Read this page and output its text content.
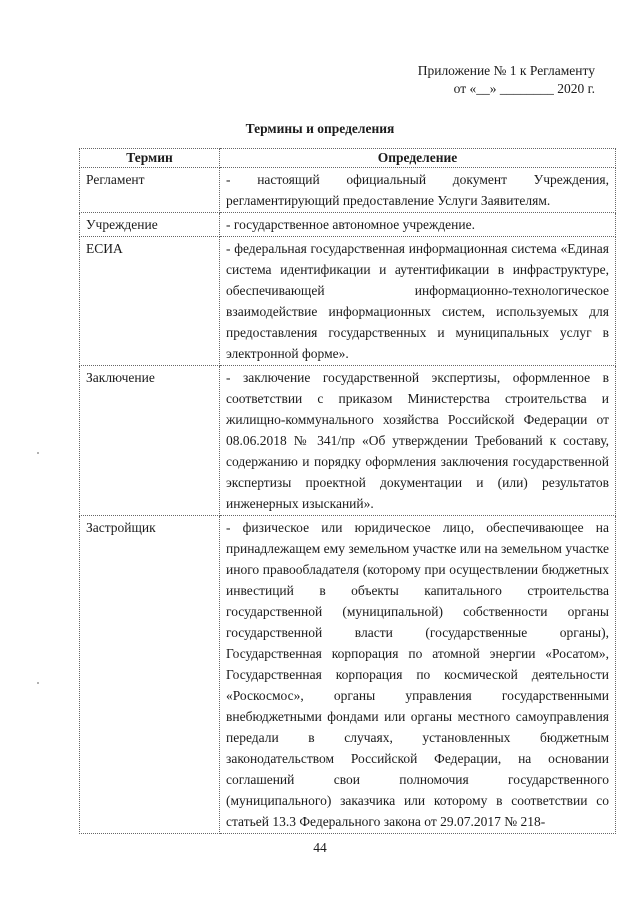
Приложение № 1 к Регламенту
от «__» ________ 2020 г.
Термины и определения
Термин	Определение
Регламент	- настоящий официальный документ Учреждения, регламентирующий предоставление Услуги Заявителям.
Учреждение	- государственное автономное учреждение.
ЕСИА	- федеральная государственная информационная система «Единая система идентификации и аутентификации в инфраструктуре, обеспечивающей информационно-технологическое взаимодействие информационных систем, используемых для предоставления государственных и муниципальных услуг в электронной форме».
Заключение	- заключение государственной экспертизы, оформленное в соответствии с приказом Министерства строительства и жилищно-коммунального хозяйства Российской Федерации от 08.06.2018 № 341/пр «Об утверждении Требований к составу, содержанию и порядку оформления заключения государственной экспертизы проектной документации и (или) результатов инженерных изысканий».
Застройщик	- физическое или юридическое лицо, обеспечивающее на принадлежащем ему земельном участке или на земельном участке иного правообладателя (которому при осуществлении бюджетных инвестиций в объекты капитального строительства государственной (муниципальной) собственности органы государственной власти (государственные органы), Государственная корпорация по атомной энергии «Росатом», Государственная корпорация по космической деятельности «Роскосмос», органы управления государственными внебюджетными фондами или органы местного самоуправления передали в случаях, установленных бюджетным законодательством Российской Федерации, на основании соглашений свои полномочия государственного (муниципального) заказчика или которому в соответствии со статьей 13.3 Федерального закона от 29.07.2017 № 218-
44
